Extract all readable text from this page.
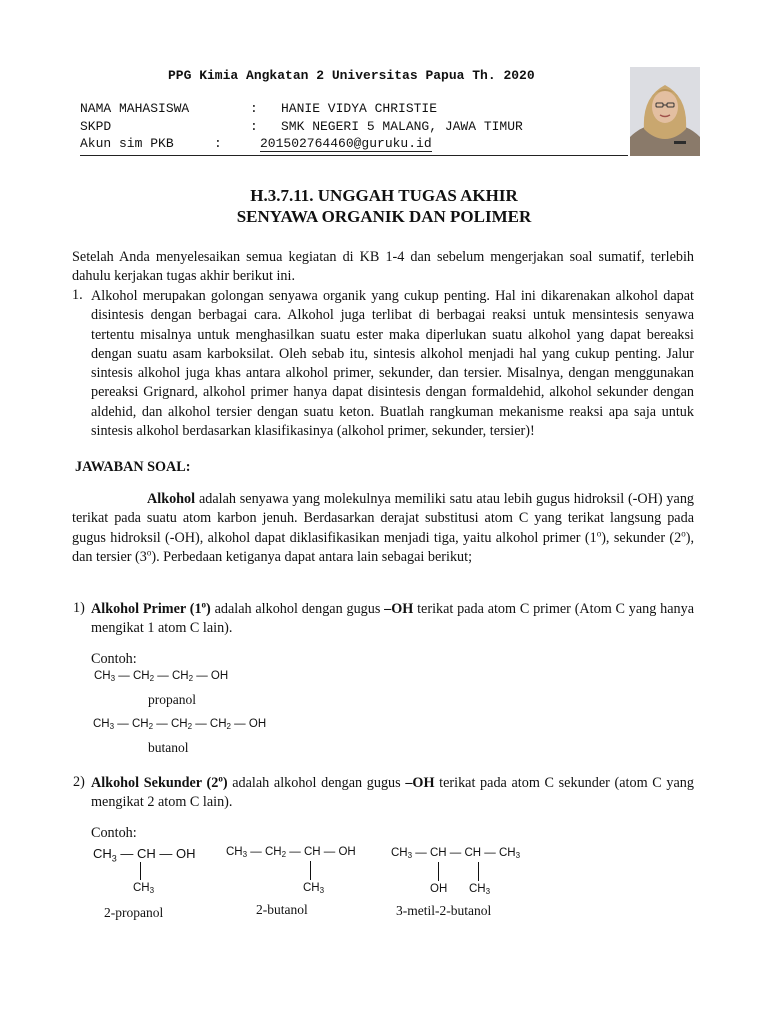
PPG Kimia Angkatan 2 Universitas Papua Th. 2020
NAMA MAHASISWA	: HANIE VIDYA CHRISTIE
SKPD	: SMK NEGERI 5 MALANG, JAWA TIMUR
Akun sim PKB	:	201502764460@guruku.id
H.3.7.11. UNGGAH TUGAS AKHIR
SENYAWA ORGANIK DAN POLIMER

Setelah Anda menyelesaikan semua kegiatan di KB 1-4 dan sebelum mengerjakan soal sumatif, terlebih dahulu kerjakan tugas akhir berikut ini.

1. Alkohol merupakan golongan senyawa organik yang cukup penting. Hal ini dikarenakan alkohol dapat disintesis dengan berbagai cara. Alkohol juga terlibat di berbagai reaksi untuk mensintesis senyawa tertentu misalnya untuk menghasilkan suatu ester maka diperlukan suatu alkohol yang dapat bereaksi dengan suatu asam karboksilat. Oleh sebab itu, sintesis alkohol menjadi hal yang cukup penting. Jalur sintesis alkohol juga khas antara alkohol primer, sekunder, dan tersier. Misalnya, dengan menggunakan pereaksi Grignard, alkohol primer hanya dapat disintesis dengan formaldehid, alkohol sekunder dengan aldehid, dan alkohol tersier dengan suatu keton. Buatlah rangkuman mekanisme reaksi apa saja untuk sintesis alkohol berdasarkan klasifikasinya (alkohol primer, sekunder, tersier)!

JAWABAN SOAL:

Alkohol adalah senyawa yang molekulnya memiliki satu atau lebih gugus hidroksil (-OH) yang terikat pada suatu atom karbon jenuh. Berdasarkan derajat substitusi atom C yang terikat langsung pada gugus hidroksil (-OH), alkohol dapat diklasifikasikan menjadi tiga, yaitu alkohol primer (1$^o$), sekunder (2$^o$), dan tersier (3$^o$). Perbedaan ketiganya dapat antara lain sebagai berikut;

1) Alkohol Primer (1$^o$) adalah alkohol dengan gugus –OH terikat pada atom C primer (Atom C yang hanya mengikat 1 atom C lain).

Contoh:
$CH_3$ — $CH_2$ — $CH_2$ — OH
propanol
$CH_3$ — $CH_2$ — $CH_2$ — $CH_2$ — OH
butanol
2) Alkohol Sekunder (2$^o$) adalah alkohol dengan gugus –OH terikat pada atom C sekunder (atom C yang mengikat 2 atom C lain).

Contoh:
$CH_3$ — CH — OH
$CH_3$
2-propanol
$CH_3$ — $CH_2$ — CH — OH
$CH_3$
2-butanol
$CH_3$ — CH — CH — $CH_3$
OH $CH_3$
3-metil-2-butanol
